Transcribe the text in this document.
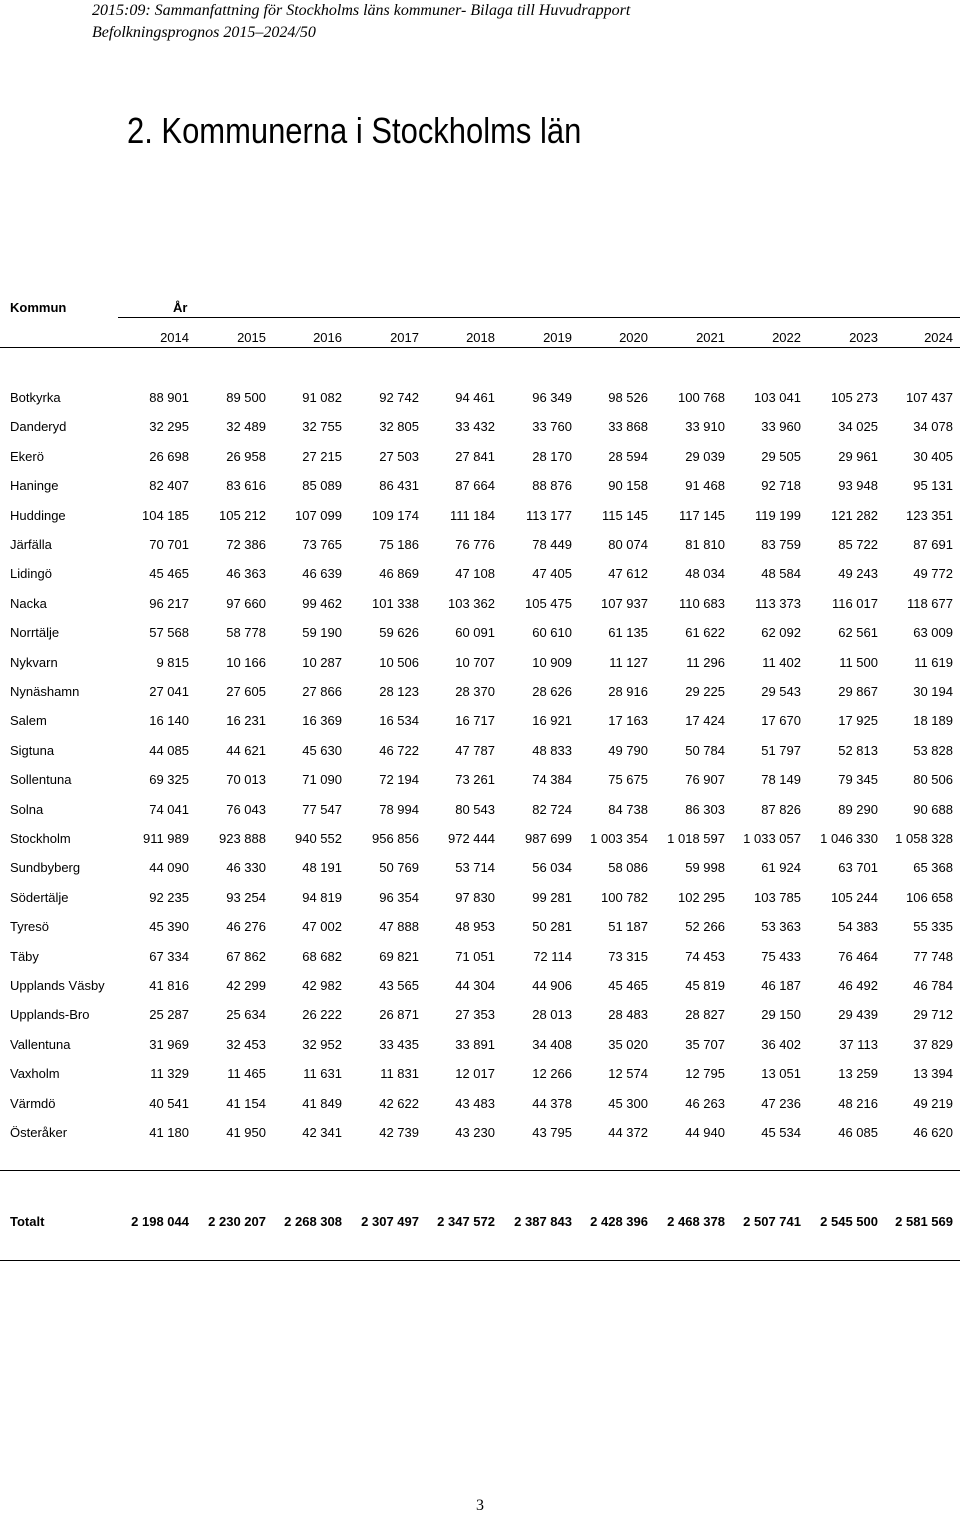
2015:09: Sammanfattning för Stockholms läns kommuner- Bilaga till Huvudrapport
Befolkningsprognos 2015–2024/50
2. Kommunerna i Stockholms län
Kommun	År
2014	2015	2016	2017	2018	2019	2020	2021	2022	2023	2024
Botkyrka	88 901	89 500	91 082	92 742	94 461	96 349	98 526	100 768	103 041	105 273	107 437
Danderyd	32 295	32 489	32 755	32 805	33 432	33 760	33 868	33 910	33 960	34 025	34 078
Ekerö	26 698	26 958	27 215	27 503	27 841	28 170	28 594	29 039	29 505	29 961	30 405
Haninge	82 407	83 616	85 089	86 431	87 664	88 876	90 158	91 468	92 718	93 948	95 131
Huddinge	104 185	105 212	107 099	109 174	111 184	113 177	115 145	117 145	119 199	121 282	123 351
Järfälla	70 701	72 386	73 765	75 186	76 776	78 449	80 074	81 810	83 759	85 722	87 691
Lidingö	45 465	46 363	46 639	46 869	47 108	47 405	47 612	48 034	48 584	49 243	49 772
Nacka	96 217	97 660	99 462	101 338	103 362	105 475	107 937	110 683	113 373	116 017	118 677
Norrtälje	57 568	58 778	59 190	59 626	60 091	60 610	61 135	61 622	62 092	62 561	63 009
Nykvarn	9 815	10 166	10 287	10 506	10 707	10 909	11 127	11 296	11 402	11 500	11 619
Nynäshamn	27 041	27 605	27 866	28 123	28 370	28 626	28 916	29 225	29 543	29 867	30 194
Salem	16 140	16 231	16 369	16 534	16 717	16 921	17 163	17 424	17 670	17 925	18 189
Sigtuna	44 085	44 621	45 630	46 722	47 787	48 833	49 790	50 784	51 797	52 813	53 828
Sollentuna	69 325	70 013	71 090	72 194	73 261	74 384	75 675	76 907	78 149	79 345	80 506
Solna	74 041	76 043	77 547	78 994	80 543	82 724	84 738	86 303	87 826	89 290	90 688
Stockholm	911 989	923 888	940 552	956 856	972 444	987 699	1 003 354	1 018 597	1 033 057	1 046 330	1 058 328
Sundbyberg	44 090	46 330	48 191	50 769	53 714	56 034	58 086	59 998	61 924	63 701	65 368
Södertälje	92 235	93 254	94 819	96 354	97 830	99 281	100 782	102 295	103 785	105 244	106 658
Tyresö	45 390	46 276	47 002	47 888	48 953	50 281	51 187	52 266	53 363	54 383	55 335
Täby	67 334	67 862	68 682	69 821	71 051	72 114	73 315	74 453	75 433	76 464	77 748
Upplands Väsby	41 816	42 299	42 982	43 565	44 304	44 906	45 465	45 819	46 187	46 492	46 784
Upplands-Bro	25 287	25 634	26 222	26 871	27 353	28 013	28 483	28 827	29 150	29 439	29 712
Vallentuna	31 969	32 453	32 952	33 435	33 891	34 408	35 020	35 707	36 402	37 113	37 829
Vaxholm	11 329	11 465	11 631	11 831	12 017	12 266	12 574	12 795	13 051	13 259	13 394
Värmdö	40 541	41 154	41 849	42 622	43 483	44 378	45 300	46 263	47 236	48 216	49 219
Österåker	41 180	41 950	42 341	42 739	43 230	43 795	44 372	44 940	45 534	46 085	46 620
Totalt	2 198 044	2 230 207	2 268 308	2 307 497	2 347 572	2 387 843	2 428 396	2 468 378	2 507 741	2 545 500	2 581 569
3
